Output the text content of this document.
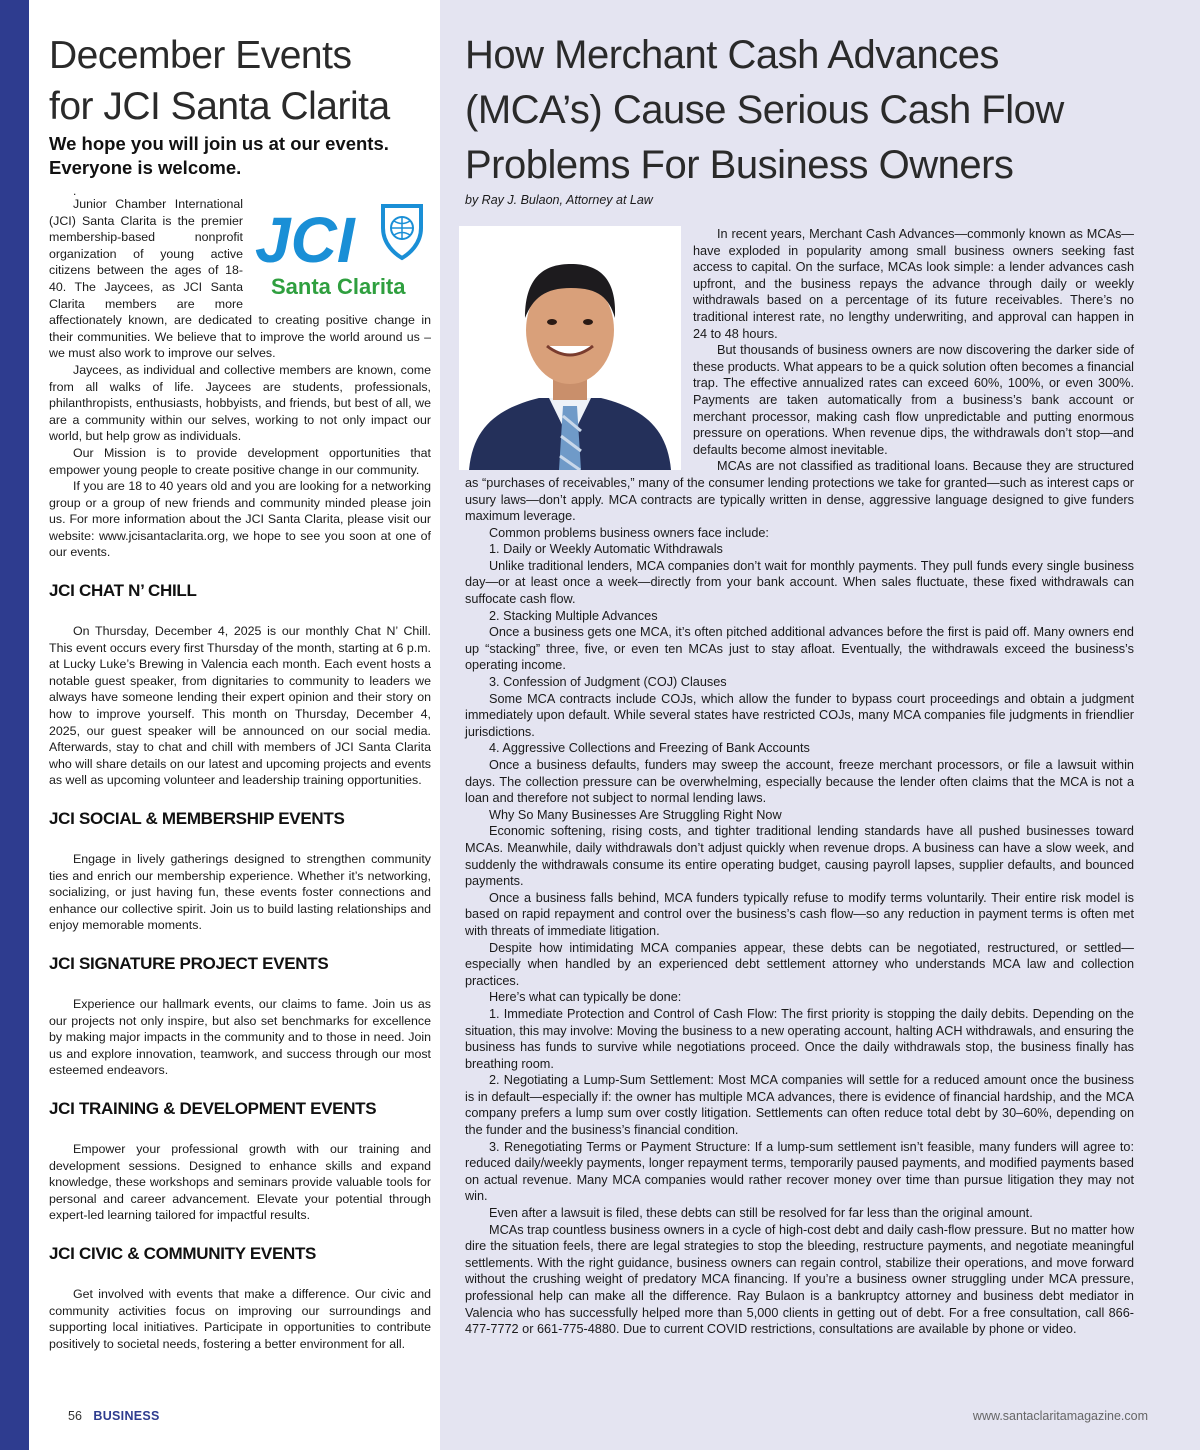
December Events
for JCI Santa Clarita

We hope you will join us at our events.
Everyone is welcome.

.
JCI
Santa Clarita

Junior Chamber International (JCI) Santa Clarita is the premier membership-based nonprofit organization of young active citizens between the ages of 18-40. The Jaycees, as JCI Santa Clarita members are more affectionately known, are dedicated to creating positive change in their communities. We believe that to improve the world around us – we must also work to improve our selves.

Jaycees, as individual and collective members are known, come from all walks of life. Jaycees are students, professionals, philanthropists, enthusiasts, hobbyists, and friends, but best of all, we are a community within our selves, working to not only impact our world, but help grow as individuals.

Our Mission is to provide development opportunities that empower young people to create positive change in our community.

If you are 18 to 40 years old and you are looking for a networking group or a group of new friends and community minded please join us. For more information about the JCI Santa Clarita, please visit our website: www.jcisantaclarita.org, we hope to see you soon at one of our events.

JCI CHAT N’ CHILL

On Thursday, December 4, 2025 is our monthly Chat N’ Chill. This event occurs every first Thursday of the month, starting at 6 p.m. at Lucky Luke’s Brewing in Valencia each month. Each event hosts a notable guest speaker, from dignitaries to community to leaders we always have someone lending their expert opinion and their story on how to improve yourself. This month on Thursday, December 4, 2025, our guest speaker will be announced on our social media. Afterwards, stay to chat and chill with members of JCI Santa Clarita who will share details on our latest and upcoming projects and events as well as upcoming volunteer and leadership training opportunities.

JCI SOCIAL & MEMBERSHIP EVENTS

Engage in lively gatherings designed to strengthen community ties and enrich our membership experience. Whether it’s networking, socializing, or just having fun, these events foster connections and enhance our collective spirit. Join us to build lasting relationships and enjoy memorable moments.

JCI SIGNATURE PROJECT EVENTS

Experience our hallmark events, our claims to fame. Join us as our projects not only inspire, but also set benchmarks for excellence by making major impacts in the community and to those in need. Join us and explore innovation, teamwork, and success through our most esteemed endeavors.

JCI TRAINING & DEVELOPMENT EVENTS

Empower your professional growth with our training and development sessions. Designed to enhance skills and expand knowledge, these workshops and seminars provide valuable tools for personal and career advancement. Elevate your potential through expert-led learning tailored for impactful results.

JCI CIVIC & COMMUNITY EVENTS

Get involved with events that make a difference. Our civic and community activities focus on improving our surroundings and supporting local initiatives. Participate in opportunities to contribute positively to societal needs, fostering a better environment for all.

How Merchant Cash Advances
(MCA’s) Cause Serious Cash Flow
Problems For Business Owners

by Ray J. Bulaon, Attorney at Law

In recent years, Merchant Cash Advances—commonly known as MCAs—have exploded in popularity among small business owners seeking fast access to capital. On the surface, MCAs look simple: a lender advances cash upfront, and the business repays the advance through daily or weekly withdrawals based on a percentage of its future receivables. There’s no traditional interest rate, no lengthy underwriting, and approval can happen in 24 to 48 hours.

But thousands of business owners are now discovering the darker side of these products. What appears to be a quick solution often becomes a financial trap. The effective annualized rates can exceed 60%, 100%, or even 300%. Payments are taken automatically from a business’s bank account or merchant processor, making cash flow unpredictable and putting enormous pressure on operations. When revenue dips, the withdrawals don’t stop—and defaults become almost inevitable.

MCAs are not classified as traditional loans. Because they are structured as “purchases of receivables,” many of the consumer lending protections we take for granted—such as interest caps or usury laws—don’t apply. MCA contracts are typically written in dense, aggressive language designed to give funders maximum leverage.

Common problems business owners face include:

1. Daily or Weekly Automatic Withdrawals

Unlike traditional lenders, MCA companies don’t wait for monthly payments. They pull funds every single business day—or at least once a week—directly from your bank account. When sales fluctuate, these fixed withdrawals can suffocate cash flow.

2. Stacking Multiple Advances

Once a business gets one MCA, it’s often pitched additional advances before the first is paid off. Many owners end up “stacking” three, five, or even ten MCAs just to stay afloat. Eventually, the withdrawals exceed the business’s operating income.

3. Confession of Judgment (COJ) Clauses

Some MCA contracts include COJs, which allow the funder to bypass court proceedings and obtain a judgment immediately upon default. While several states have restricted COJs, many MCA companies file judgments in friendlier jurisdictions.

4. Aggressive Collections and Freezing of Bank Accounts

Once a business defaults, funders may sweep the account, freeze merchant processors, or file a lawsuit within days. The collection pressure can be overwhelming, especially because the lender often claims that the MCA is not a loan and therefore not subject to normal lending laws.

Why So Many Businesses Are Struggling Right Now

Economic softening, rising costs, and tighter traditional lending standards have all pushed businesses toward MCAs. Meanwhile, daily withdrawals don’t adjust quickly when revenue drops. A business can have a slow week, and suddenly the withdrawals consume its entire operating budget, causing payroll lapses, supplier defaults, and bounced payments.

Once a business falls behind, MCA funders typically refuse to modify terms voluntarily. Their entire risk model is based on rapid repayment and control over the business’s cash flow—so any reduction in payment terms is often met with threats of immediate litigation.

Despite how intimidating MCA companies appear, these debts can be negotiated, restructured, or settled—especially when handled by an experienced debt settlement attorney who understands MCA law and collection practices.

Here’s what can typically be done:

1. Immediate Protection and Control of Cash Flow: The first priority is stopping the daily debits. Depending on the situation, this may involve: Moving the business to a new operating account, halting ACH withdrawals, and ensuring the business has funds to survive while negotiations proceed. Once the daily withdrawals stop, the business finally has breathing room.

2. Negotiating a Lump-Sum Settlement: Most MCA companies will settle for a reduced amount once the business is in default—especially if: the owner has multiple MCA advances, there is evidence of financial hardship, and the MCA company prefers a lump sum over costly litigation. Settlements can often reduce total debt by 30–60%, depending on the funder and the business’s financial condition.

3. Renegotiating Terms or Payment Structure: If a lump-sum settlement isn’t feasible, many funders will agree to: reduced daily/weekly payments, longer repayment terms, temporarily paused payments, and modified payments based on actual revenue. Many MCA companies would rather recover money over time than pursue litigation they may not win.

Even after a lawsuit is filed, these debts can still be resolved for far less than the original amount.

MCAs trap countless business owners in a cycle of high-cost debt and daily cash-flow pressure. But no matter how dire the situation feels, there are legal strategies to stop the bleeding, restructure payments, and negotiate meaningful settlements. With the right guidance, business owners can regain control, stabilize their operations, and move forward without the crushing weight of predatory MCA financing. If you’re a business owner struggling under MCA pressure, professional help can make all the difference. Ray Bulaon is a bankruptcy attorney and business debt mediator in Valencia who has successfully helped more than 5,000 clients in getting out of debt. For a free consultation, call 866-477-7772 or 661-775-4880. Due to current COVID restrictions, consultations are available by phone or video.

56 BUSINESS	www.santaclaritamagazine.com
